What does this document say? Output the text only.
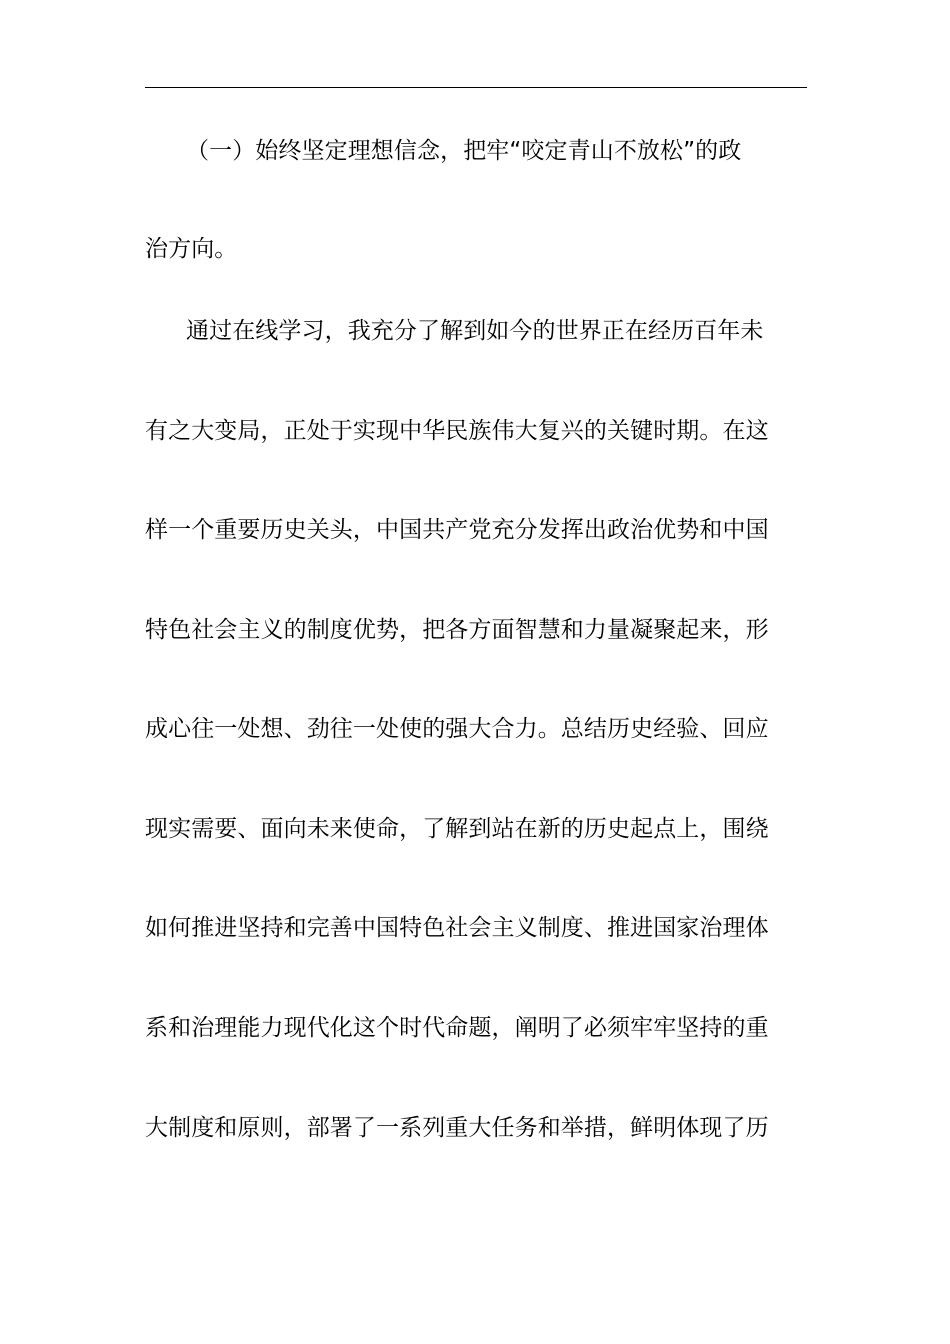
（一）始终坚定理想信念，把牢“咬定青山不放松”的政
治方向。
通过在线学习，我充分了解到如今的世界正在经历百年未
有之大变局，正处于实现中华民族伟大复兴的关键时期。在这
样一个重要历史关头，中国共产党充分发挥出政治优势和中国
特色社会主义的制度优势，把各方面智慧和力量凝聚起来，形
成心往一处想、劲往一处使的强大合力。总结历史经验、回应
现实需要、面向未来使命，了解到站在新的历史起点上，围绕
如何推进坚持和完善中国特色社会主义制度、推进国家治理体
系和治理能力现代化这个时代命题，阐明了必须牢牢坚持的重
大制度和原则，部署了一系列重大任务和举措，鲜明体现了历
